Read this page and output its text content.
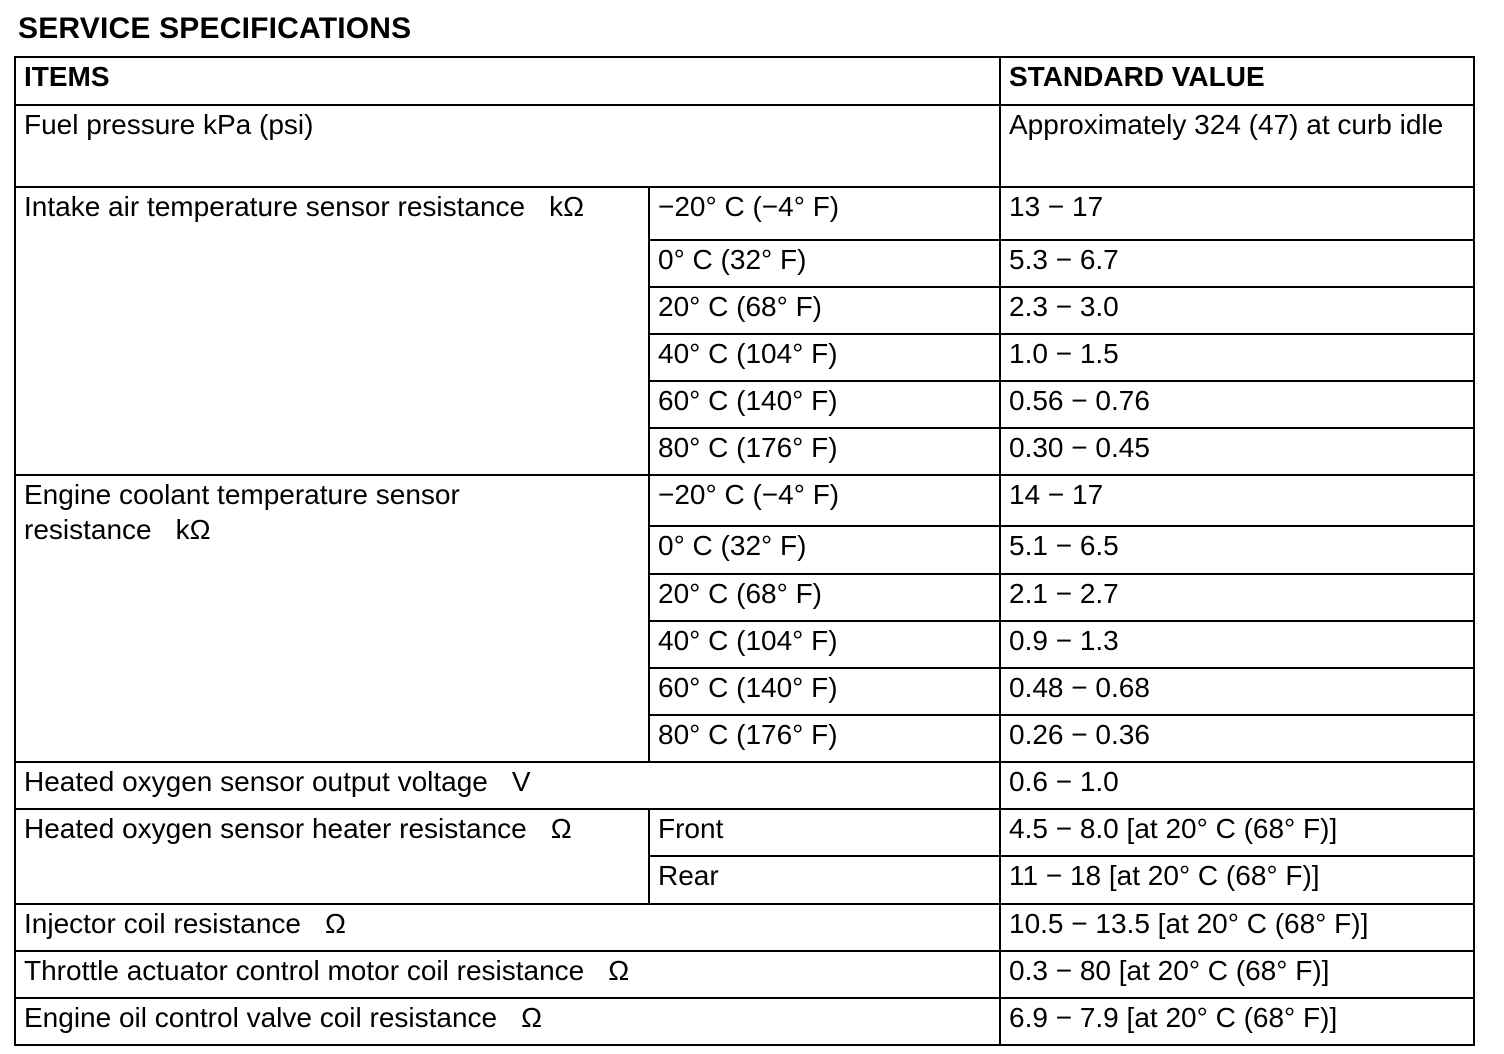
SERVICE SPECIFICATIONS
ITEMS		STANDARD VALUE
Fuel pressure kPa (psi)		Approximately 324 (47) at curb idle
Intake air temperature sensor resistance kΩ	−20° C (−4° F)	13 − 17
	0° C (32° F)	5.3 − 6.7
	20° C (68° F)	2.3 − 3.0
	40° C (104° F)	1.0 − 1.5
	60° C (140° F)	0.56 − 0.76
	80° C (176° F)	0.30 − 0.45
Engine coolant temperature sensor resistance kΩ	−20° C (−4° F)	14 − 17
	0° C (32° F)	5.1 − 6.5
	20° C (68° F)	2.1 − 2.7
	40° C (104° F)	0.9 − 1.3
	60° C (140° F)	0.48 − 0.68
	80° C (176° F)	0.26 − 0.36
Heated oxygen sensor output voltage V		0.6 − 1.0
Heated oxygen sensor heater resistance Ω	Front	4.5 − 8.0 [at 20° C (68° F)]
	Rear	11 − 18 [at 20° C (68° F)]
Injector coil resistance Ω		10.5 − 13.5 [at 20° C (68° F)]
Throttle actuator control motor coil resistance Ω		0.3 − 80 [at 20° C (68° F)]
Engine oil control valve coil resistance Ω		6.9 − 7.9 [at 20° C (68° F)]
